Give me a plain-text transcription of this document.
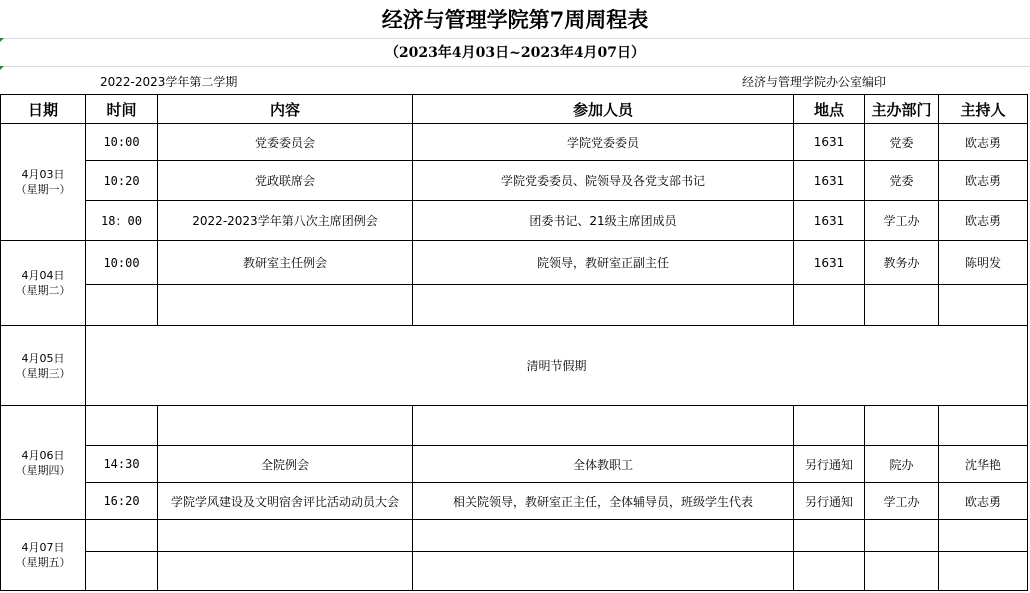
经济与管理学院第7周周程表
（2023年4月03日~2023年4月07日）
2022-2023学年第二学期	经济与管理学院办公室编印
日期	时间	内容	参加人员	地点	主办部门	主持人

4月03日
（星期一）	10:00	党委委员会	学院党委委员	1631	党委	欧志勇
	10:20	党政联席会	学院党委委员、院领导及各党支部书记	1631	党委	欧志勇
	18：00	2022-2023学年第八次主席团例会	团委书记、21级主席团成员	1631	学工办	欧志勇

4月04日
（星期二）	10:00	教研室主任例会	院领导，教研室正副主任	1631	教务办	陈明发

4月05日
（星期三）	清明节假期					

4月06日
（星期四）						

	14:30	全院例会	全体教职工	另行通知	院办	沈华艳
	16:20	学院学风建设及文明宿舍评比活动动员大会	相关院领导，教研室正主任，全体辅导员，班级学生代表	另行通知	学工办	欧志勇

4月07日
（星期五）						
